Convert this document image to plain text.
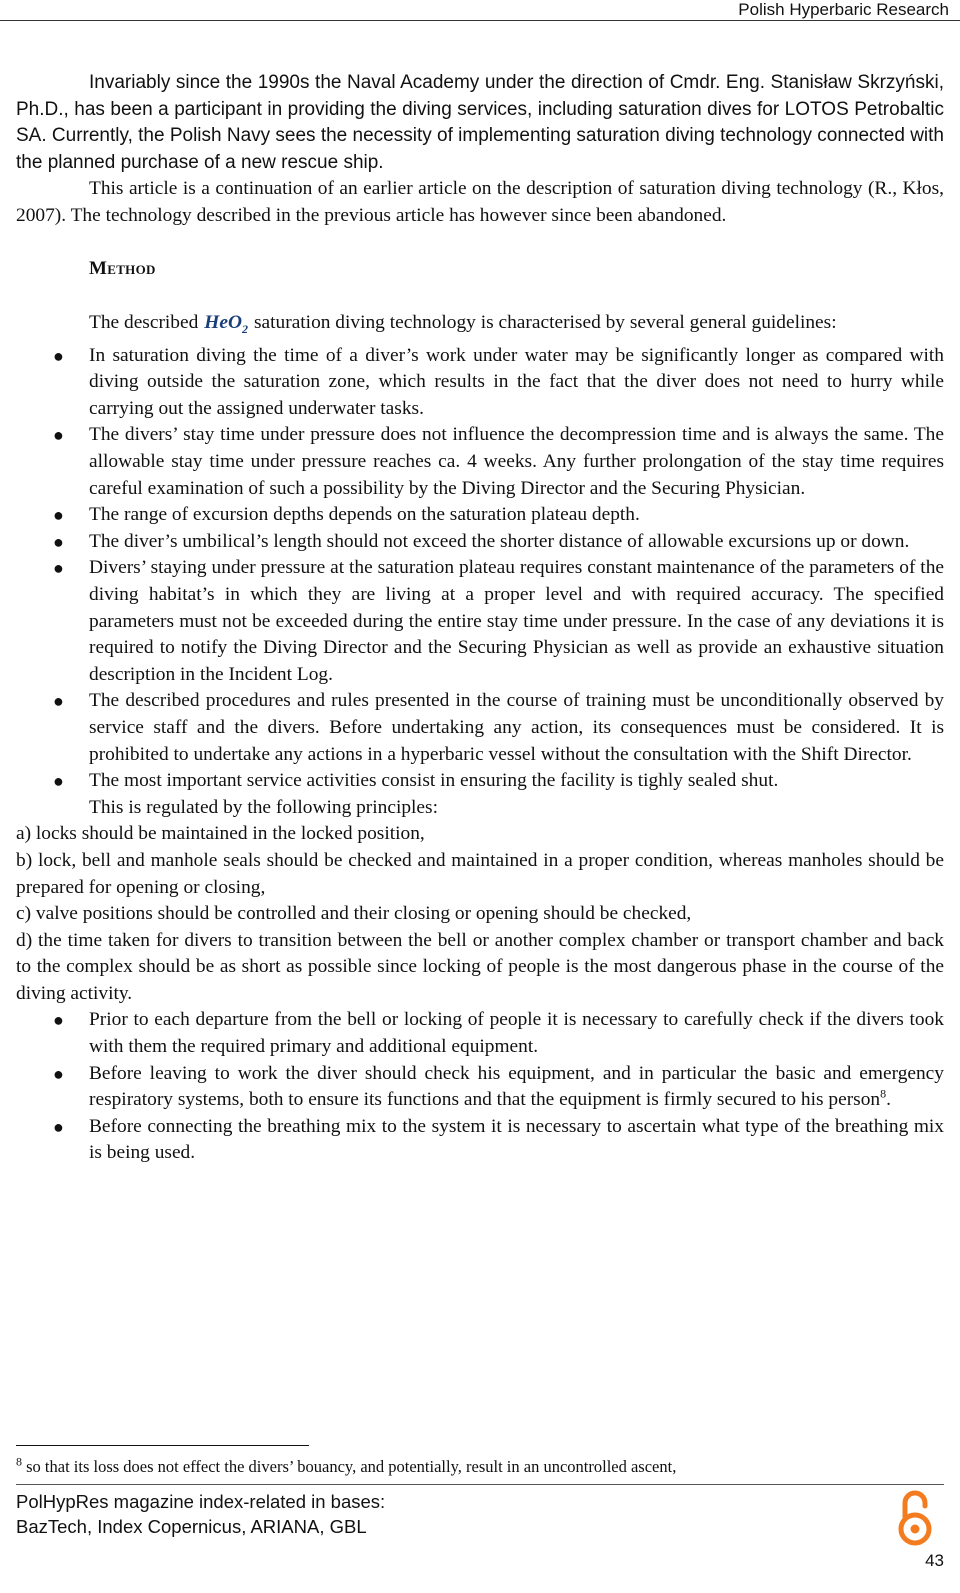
Polish Hyperbaric Research

Invariably since the 1990s the Naval Academy under the direction of Cmdr. Eng. Stanisław Skrzyński, Ph.D., has been a participant in providing the diving services, including saturation dives for LOTOS Petrobaltic SA. Currently, the Polish Navy sees the necessity of implementing saturation diving technology connected with the planned purchase of a new rescue ship.

This article is a continuation of an earlier article on the description of saturation diving technology (R., Kłos, 2007). The technology described in the previous article has however since been abandoned.

Method

The described HeO$_2$ saturation diving technology is characterised by several general guidelines:

● In saturation diving the time of a diver’s work under water may be significantly longer as compared with diving outside the saturation zone, which results in the fact that the diver does not need to hurry while carrying out the assigned underwater tasks.
● The divers’ stay time under pressure does not influence the decompression time and is always the same. The allowable stay time under pressure reaches ca. 4 weeks. Any further prolongation of the stay time requires careful examination of such a possibility by the Diving Director and the Securing Physician.
● The range of excursion depths depends on the saturation plateau depth.
● The diver’s umbilical’s length should not exceed the shorter distance of allowable excursions up or down.
● Divers’ staying under pressure at the saturation plateau requires constant maintenance of the parameters of the diving habitat’s in which they are living at a proper level and with required accuracy. The specified parameters must not be exceeded during the entire stay time under pressure. In the case of any deviations it is required to notify the Diving Director and the Securing Physician as well as provide an exhaustive situation description in the Incident Log.
● The described procedures and rules presented in the course of training must be unconditionally observed by service staff and the divers. Before undertaking any action, its consequences must be considered. It is prohibited to undertake any actions in a hyperbaric vessel without the consultation with the Shift Director.
● The most important service activities consist in ensuring the facility is tighly sealed shut.

This is regulated by the following principles:

a) locks should be maintained in the locked position,

b) lock, bell and manhole seals should be checked and maintained in a proper condition, whereas manholes should be prepared for opening or closing,

c) valve positions should be controlled and their closing or opening should be checked,

d) the time taken for divers to transition between the bell or another complex chamber or transport chamber and back to the complex should be as short as possible since locking of people is the most dangerous phase in the course of the diving activity.

● Prior to each departure from the bell or locking of people it is necessary to carefully check if the divers took with them the required primary and additional equipment.
● Before leaving to work the diver should check his equipment, and in particular the basic and emergency respiratory systems, both to ensure its functions and that the equipment is firmly secured to his person$^8$.
● Before connecting the breathing mix to the system it is necessary to ascertain what type of the breathing mix is being used.
$^8$ so that its loss does not effect the divers’ bouancy, and potentially, result in an uncontrolled ascent,
PolHypRes magazine index-related in bases:
BazTech, Index Copernicus, ARIANA, GBL
43
